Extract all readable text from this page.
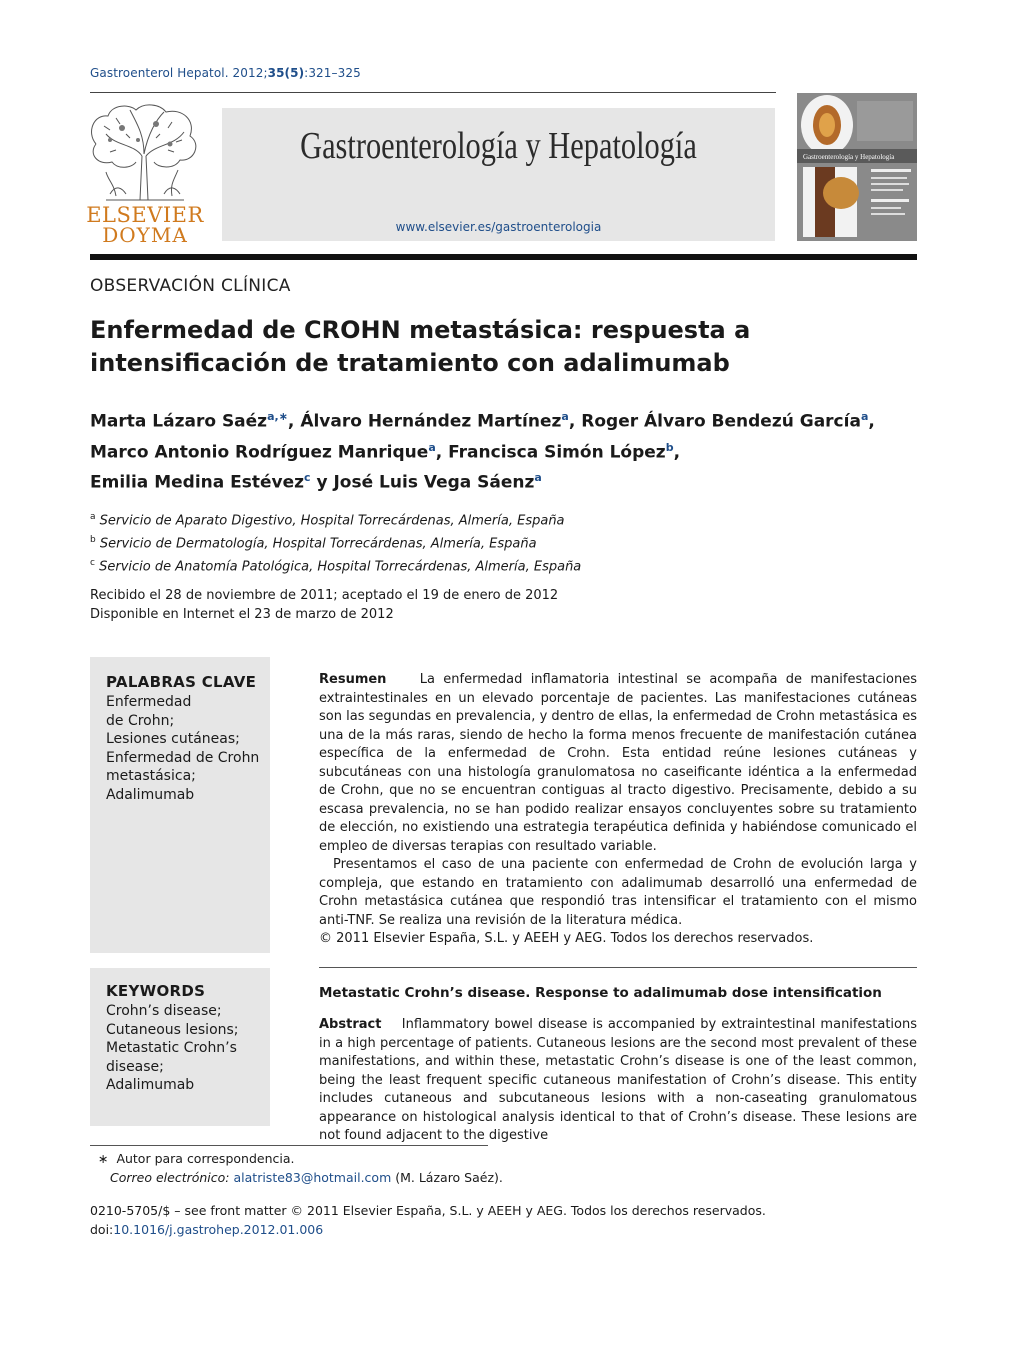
Gastroenterol Hepatol. 2012;35(5):321–325
ELSEVIER
DOYMA
Gastroenterología y Hepatología
www.elsevier.es/gastroenterologia
Gastroenterología y Hepatología
OBSERVACIÓN CLÍNICA
Enfermedad de CROHN metastásica: respuesta a intensificación de tratamiento con adalimumab
Marta Lázaro Saéz$^{a,∗}$, Álvaro Hernández Martínez$^a$, Roger Álvaro Bendezú García$^a$,
Marco Antonio Rodríguez Manrique$^a$, Francisca Simón López$^b$,
Emilia Medina Estévez$^c$ y José Luis Vega Sáenz$^a$
$^a$ Servicio de Aparato Digestivo, Hospital Torrecárdenas, Almería, España
$^b$ Servicio de Dermatología, Hospital Torrecárdenas, Almería, España
$^c$ Servicio de Anatomía Patológica, Hospital Torrecárdenas, Almería, España
Recibido el 28 de noviembre de 2011; aceptado el 19 de enero de 2012
Disponible en Internet el 23 de marzo de 2012
PALABRAS CLAVE
Enfermedad
de Crohn;
Lesiones cutáneas;
Enfermedad de Crohn
metastásica;
Adalimumab

Resumen	La enfermedad inflamatoria intestinal se acompaña de manifestaciones extraintestinales en un elevado porcentaje de pacientes. Las manifestaciones cutáneas son las segundas en prevalencia, y dentro de ellas, la enfermedad de Crohn metastásica es una de la más raras, siendo de hecho la forma menos frecuente de manifestación cutánea específica de la enfermedad de Crohn. Esta entidad reúne lesiones cutáneas y subcutáneas con una histología granulomatosa no caseificante idéntica a la enfermedad de Crohn, que no se encuentran contiguas al tracto digestivo. Precisamente, debido a su escasa prevalencia, no se han podido realizar ensayos concluyentes sobre su tratamiento de elección, no existiendo una estrategia terapéutica definida y habiéndose comunicado el empleo de diversas terapias con resultado variable.

Presentamos el caso de una paciente con enfermedad de Crohn de evolución larga y compleja, que estando en tratamiento con adalimumab desarrolló una enfermedad de Crohn metastásica cutánea que respondió tras intensificar el tratamiento con el mismo anti-TNF. Se realiza una revisión de la literatura médica.

© 2011 Elsevier España, S.L. y AEEH y AEG. Todos los derechos reservados.

KEYWORDS
Crohn’s disease;
Cutaneous lesions;
Metastatic Crohn’s
disease;
Adalimumab
Metastatic Crohn’s disease. Response to adalimumab dose intensification

Abstract Inflammatory bowel disease is accompanied by extraintestinal manifestations in a high percentage of patients. Cutaneous lesions are the second most prevalent of these manifestations, and within these, metastatic Crohn’s disease is one of the least common, being the least frequent specific cutaneous manifestation of Crohn’s disease. This entity includes cutaneous and subcutaneous lesions with a non-caseating granulomatous appearance on histological analysis identical to that of Crohn’s disease. These lesions are not found adjacent to the digestive

∗ Autor para correspondencia.
Correo electrónico: alatriste83@hotmail.com (M. Lázaro Saéz).
0210-5705/$ – see front matter © 2011 Elsevier España, S.L. y AEEH y AEG. Todos los derechos reservados.
doi:10.1016/j.gastrohep.2012.01.006
